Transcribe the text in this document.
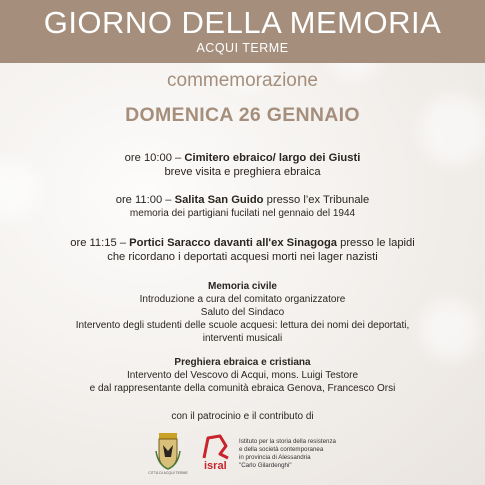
GIORNO DELLA MEMORIA
ACQUI TERME
commemorazione
DOMENICA 26 GENNAIO
ore 10:00 – Cimitero ebraico/ largo dei Giusti
breve visita e preghiera ebraica
ore 11:00 – Salita San Guido presso l’ex Tribunale
memoria dei partigiani fucilati nel gennaio del 1944
ore 11:15 – Portici Saracco davanti all'ex Sinagoga presso le lapidi
che ricordano i deportati acquesi morti nei lager nazisti
Memoria civile
Introduzione a cura del comitato organizzatore
Saluto del Sindaco
Intervento degli studenti delle scuole acquesi: lettura dei nomi dei deportati,
interventi musicali
Preghiera ebraica e cristiana
Intervento del Vescovo di Acqui, mons. Luigi Testore
e dal rappresentante della comunità ebraica Genova, Francesco Orsi
con il patrocinio e il contributo di
CITTÀ DI ACQUI TERME
isral
Istituto per la storia della resistenza
e della società contemporanea
in provincia di Alessandria
"Carlo Gilardenghi"
